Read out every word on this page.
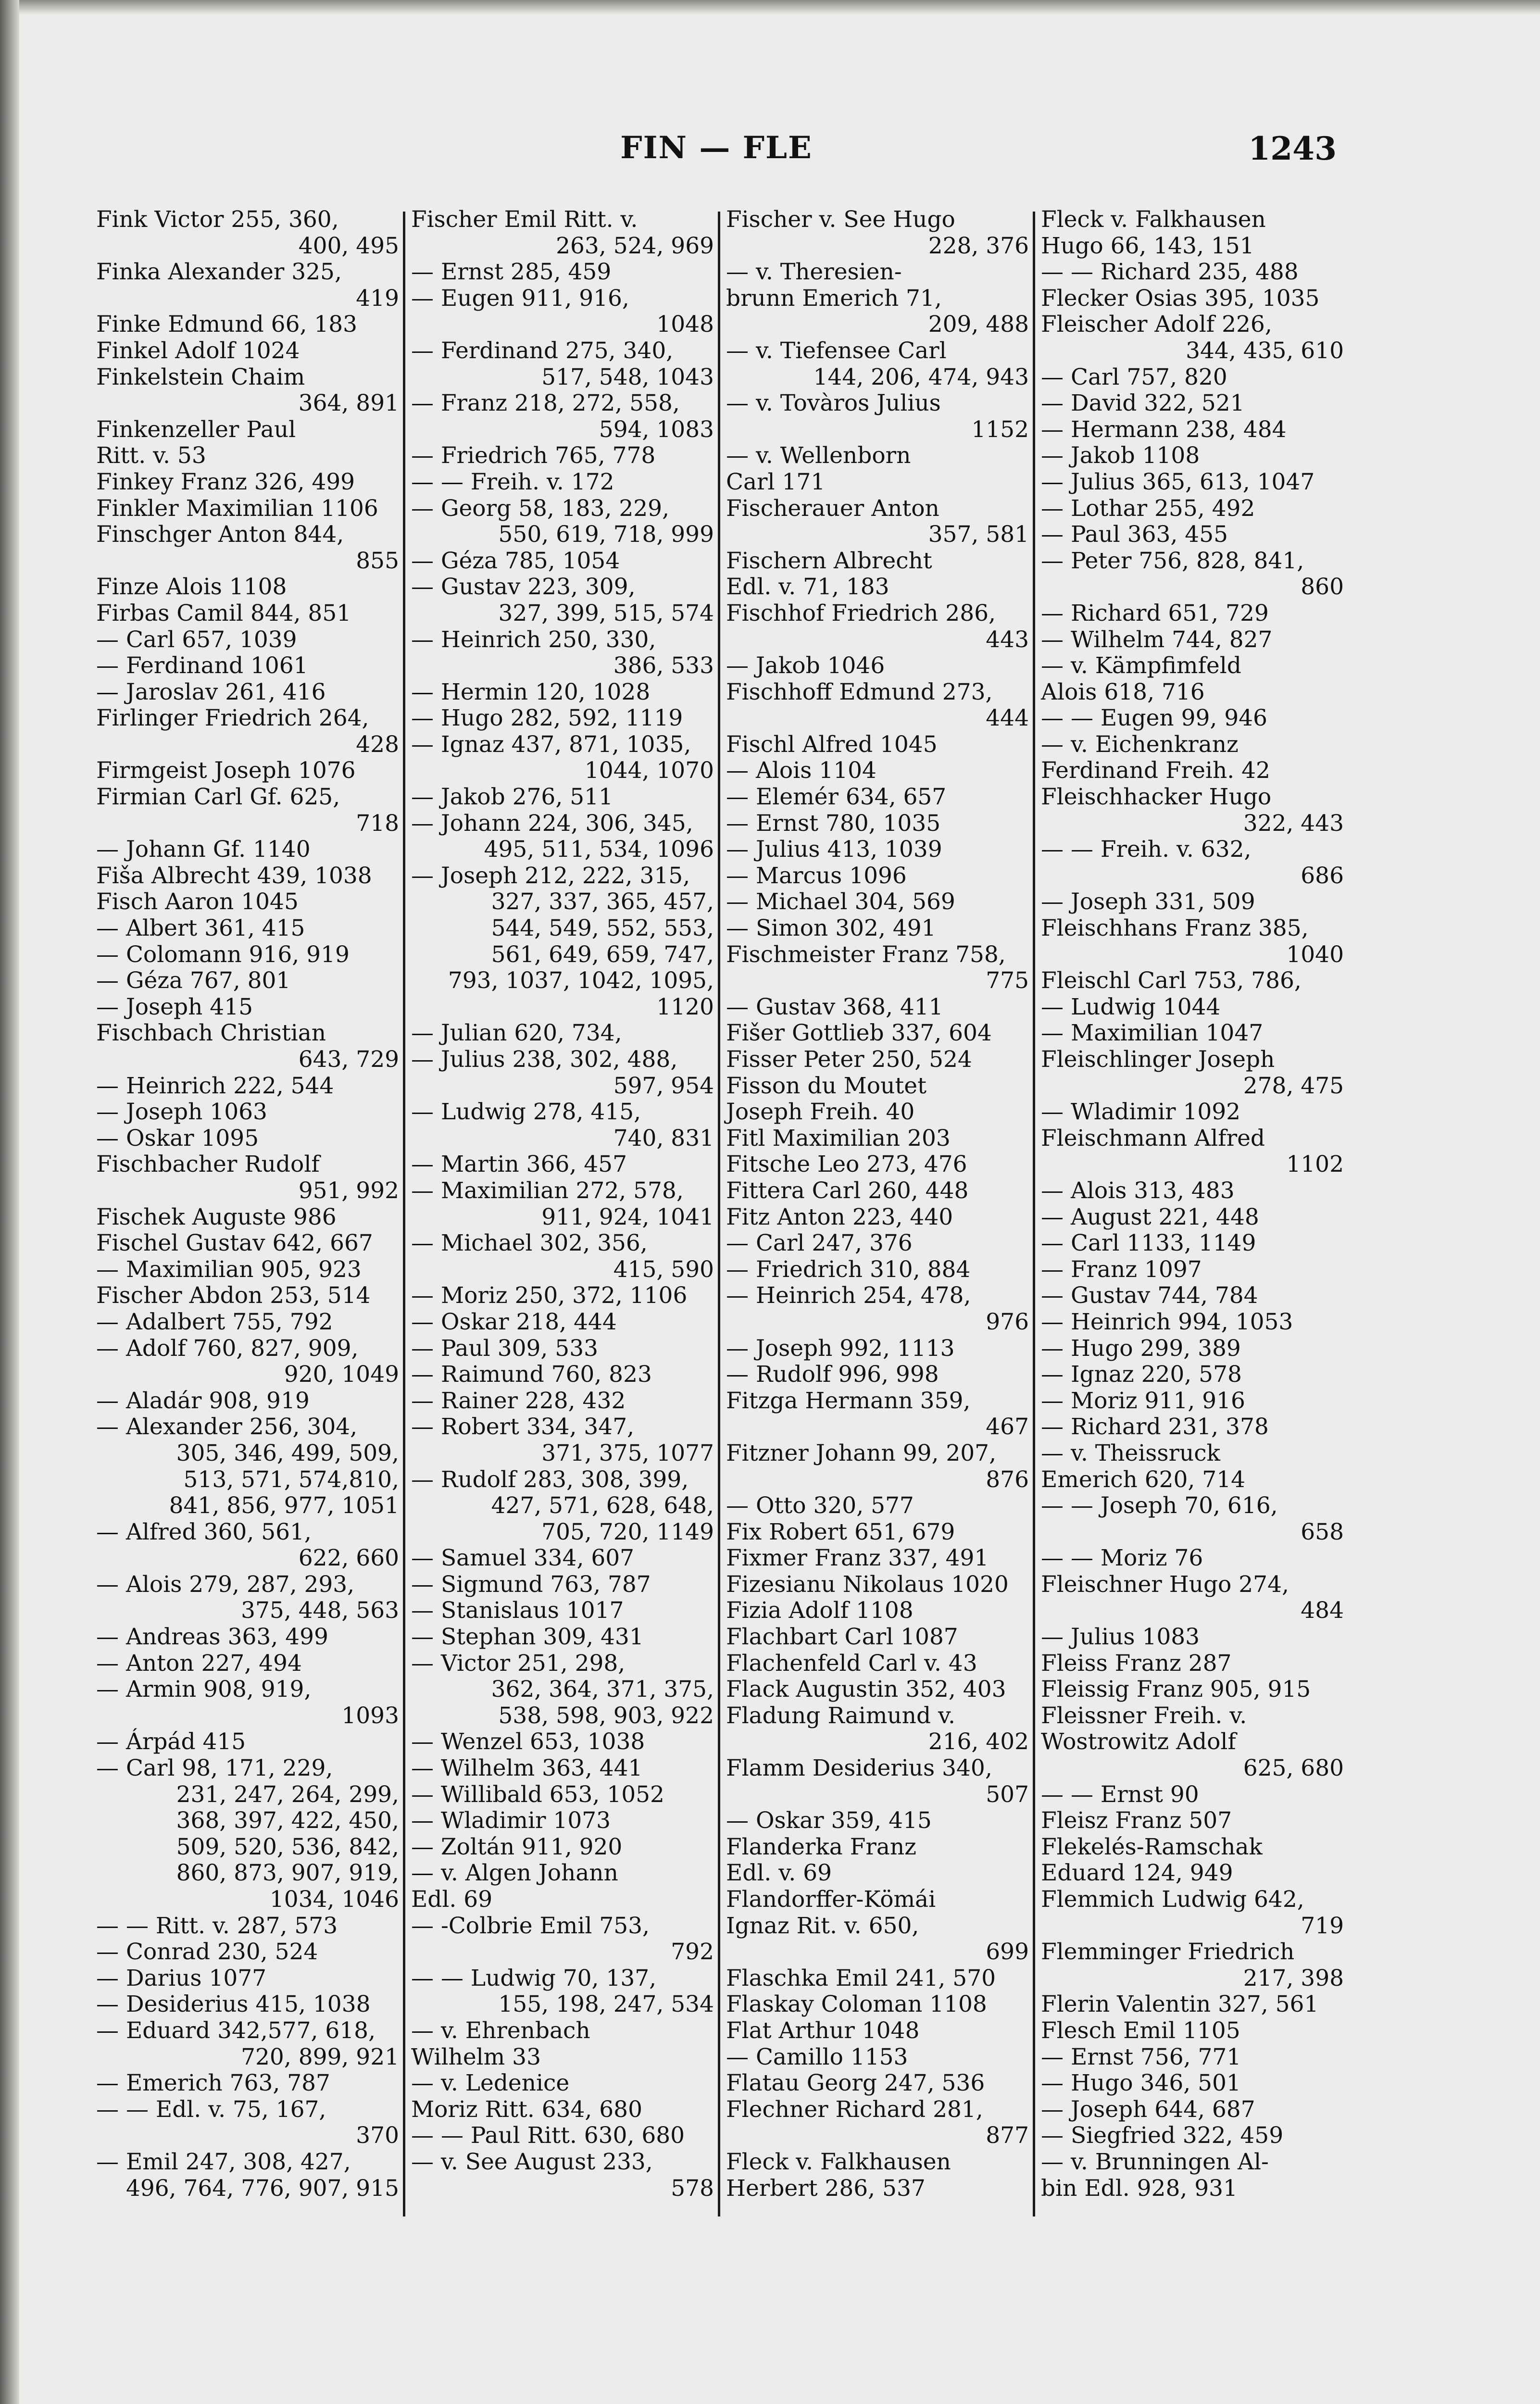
FIN — FLE	1243
Fink Victor 255, 360,
400, 495
Finka Alexander 325,
419
Finke Edmund 66, 183
Finkel Adolf 1024
Finkelstein Chaim
364, 891
Finkenzeller Paul
Ritt. v. 53
Finkey Franz 326, 499
Finkler Maximilian 1106
Finschger Anton 844,
855
Finze Alois 1108
Firbas Camil 844, 851
— Carl 657, 1039
— Ferdinand 1061
— Jaroslav 261, 416
Firlinger Friedrich 264,
428
Firmgeist Joseph 1076
Firmian Carl Gf. 625,
718
— Johann Gf. 1140
Fiša Albrecht 439, 1038
Fisch Aaron 1045
— Albert 361, 415
— Colomann 916, 919
— Géza 767, 801
— Joseph 415
Fischbach Christian
643, 729
— Heinrich 222, 544
— Joseph 1063
— Oskar 1095
Fischbacher Rudolf
951, 992
Fischek Auguste 986
Fischel Gustav 642, 667
— Maximilian 905, 923
Fischer Abdon 253, 514
— Adalbert 755, 792
— Adolf 760, 827, 909,
920, 1049
— Aladár 908, 919
— Alexander 256, 304,
305, 346, 499, 509,
513, 571, 574,810,
841, 856, 977, 1051
— Alfred 360, 561,
622, 660
— Alois 279, 287, 293,
375, 448, 563
— Andreas 363, 499
— Anton 227, 494
— Armin 908, 919,
1093
— Árpád 415
— Carl 98, 171, 229,
231, 247, 264, 299,
368, 397, 422, 450,
509, 520, 536, 842,
860, 873, 907, 919,
1034, 1046
— — Ritt. v. 287, 573
— Conrad 230, 524
— Darius 1077
— Desiderius 415, 1038
— Eduard 342,577, 618,
720, 899, 921
— Emerich 763, 787
— — Edl. v. 75, 167,
370
— Emil 247, 308, 427,
496, 764, 776, 907, 915
Fischer Emil Ritt. v.
263, 524, 969
— Ernst 285, 459
— Eugen 911, 916,
1048
— Ferdinand 275, 340,
517, 548, 1043
— Franz 218, 272, 558,
594, 1083
— Friedrich 765, 778
— — Freih. v. 172
— Georg 58, 183, 229,
550, 619, 718, 999
— Géza 785, 1054
— Gustav 223, 309,
327, 399, 515, 574
— Heinrich 250, 330,
386, 533
— Hermin 120, 1028
— Hugo 282, 592, 1119
— Ignaz 437, 871, 1035,
1044, 1070
— Jakob 276, 511
— Johann 224, 306, 345,
495, 511, 534, 1096
— Joseph 212, 222, 315,
327, 337, 365, 457,
544, 549, 552, 553,
561, 649, 659, 747,
793, 1037, 1042, 1095,
1120
— Julian 620, 734,
— Julius 238, 302, 488,
597, 954
— Ludwig 278, 415,
740, 831
— Martin 366, 457
— Maximilian 272, 578,
911, 924, 1041
— Michael 302, 356,
415, 590
— Moriz 250, 372, 1106
— Oskar 218, 444
— Paul 309, 533
— Raimund 760, 823
— Rainer 228, 432
— Robert 334, 347,
371, 375, 1077
— Rudolf 283, 308, 399,
427, 571, 628, 648,
705, 720, 1149
— Samuel 334, 607
— Sigmund 763, 787
— Stanislaus 1017
— Stephan 309, 431
— Victor 251, 298,
362, 364, 371, 375,
538, 598, 903, 922
— Wenzel 653, 1038
— Wilhelm 363, 441
— Willibald 653, 1052
— Wladimir 1073
— Zoltán 911, 920
— v. Algen Johann
Edl. 69
— -Colbrie Emil 753,
792
— — Ludwig 70, 137,
155, 198, 247, 534
— v. Ehrenbach
Wilhelm 33
— v. Ledenice
Moriz Ritt. 634, 680
— — Paul Ritt. 630, 680
— v. See August 233,
578
Fischer v. See Hugo
228, 376
— v. Theresien-
brunn Emerich 71,
209, 488
— v. Tiefensee Carl
144, 206, 474, 943
— v. Tovàros Julius
1152
— v. Wellenborn
Carl 171
Fischerauer Anton
357, 581
Fischern Albrecht
Edl. v. 71, 183
Fischhof Friedrich 286,
443
— Jakob 1046
Fischhoff Edmund 273,
444
Fischl Alfred 1045
— Alois 1104
— Elemér 634, 657
— Ernst 780, 1035
— Julius 413, 1039
— Marcus 1096
— Michael 304, 569
— Simon 302, 491
Fischmeister Franz 758,
775
— Gustav 368, 411
Fišer Gottlieb 337, 604
Fisser Peter 250, 524
Fisson du Moutet
Joseph Freih. 40
Fitl Maximilian 203
Fitsche Leo 273, 476
Fittera Carl 260, 448
Fitz Anton 223, 440
— Carl 247, 376
— Friedrich 310, 884
— Heinrich 254, 478,
976
— Joseph 992, 1113
— Rudolf 996, 998
Fitzga Hermann 359,
467
Fitzner Johann 99, 207,
876
— Otto 320, 577
Fix Robert 651, 679
Fixmer Franz 337, 491
Fizesianu Nikolaus 1020
Fizia Adolf 1108
Flachbart Carl 1087
Flachenfeld Carl v. 43
Flack Augustin 352, 403
Fladung Raimund v.
216, 402
Flamm Desiderius 340,
507
— Oskar 359, 415
Flanderka Franz
Edl. v. 69
Flandorffer-Kömái
Ignaz Rit. v. 650,
699
Flaschka Emil 241, 570
Flaskay Coloman 1108
Flat Arthur 1048
— Camillo 1153
Flatau Georg 247, 536
Flechner Richard 281,
877
Fleck v. Falkhausen
Herbert 286, 537
Fleck v. Falkhausen
Hugo 66, 143, 151
— — Richard 235, 488
Flecker Osias 395, 1035
Fleischer Adolf 226,
344, 435, 610
— Carl 757, 820
— David 322, 521
— Hermann 238, 484
— Jakob 1108
— Julius 365, 613, 1047
— Lothar 255, 492
— Paul 363, 455
— Peter 756, 828, 841,
860
— Richard 651, 729
— Wilhelm 744, 827
— v. Kämpfimfeld
Alois 618, 716
— — Eugen 99, 946
— v. Eichenkranz
Ferdinand Freih. 42
Fleischhacker Hugo
322, 443
— — Freih. v. 632,
686
— Joseph 331, 509
Fleischhans Franz 385,
1040
Fleischl Carl 753, 786,
— Ludwig 1044
— Maximilian 1047
Fleischlinger Joseph
278, 475
— Wladimir 1092
Fleischmann Alfred
1102
— Alois 313, 483
— August 221, 448
— Carl 1133, 1149
— Franz 1097
— Gustav 744, 784
— Heinrich 994, 1053
— Hugo 299, 389
— Ignaz 220, 578
— Moriz 911, 916
— Richard 231, 378
— v. Theissruck
Emerich 620, 714
— — Joseph 70, 616,
658
— — Moriz 76
Fleischner Hugo 274,
484
— Julius 1083
Fleiss Franz 287
Fleissig Franz 905, 915
Fleissner Freih. v.
Wostrowitz Adolf
625, 680
— — Ernst 90
Fleisz Franz 507
Flekelés-Ramschak
Eduard 124, 949
Flemmich Ludwig 642,
719
Flemminger Friedrich
217, 398
Flerin Valentin 327, 561
Flesch Emil 1105
— Ernst 756, 771
— Hugo 346, 501
— Joseph 644, 687
— Siegfried 322, 459
— v. Brunningen Al-
bin Edl. 928, 931
